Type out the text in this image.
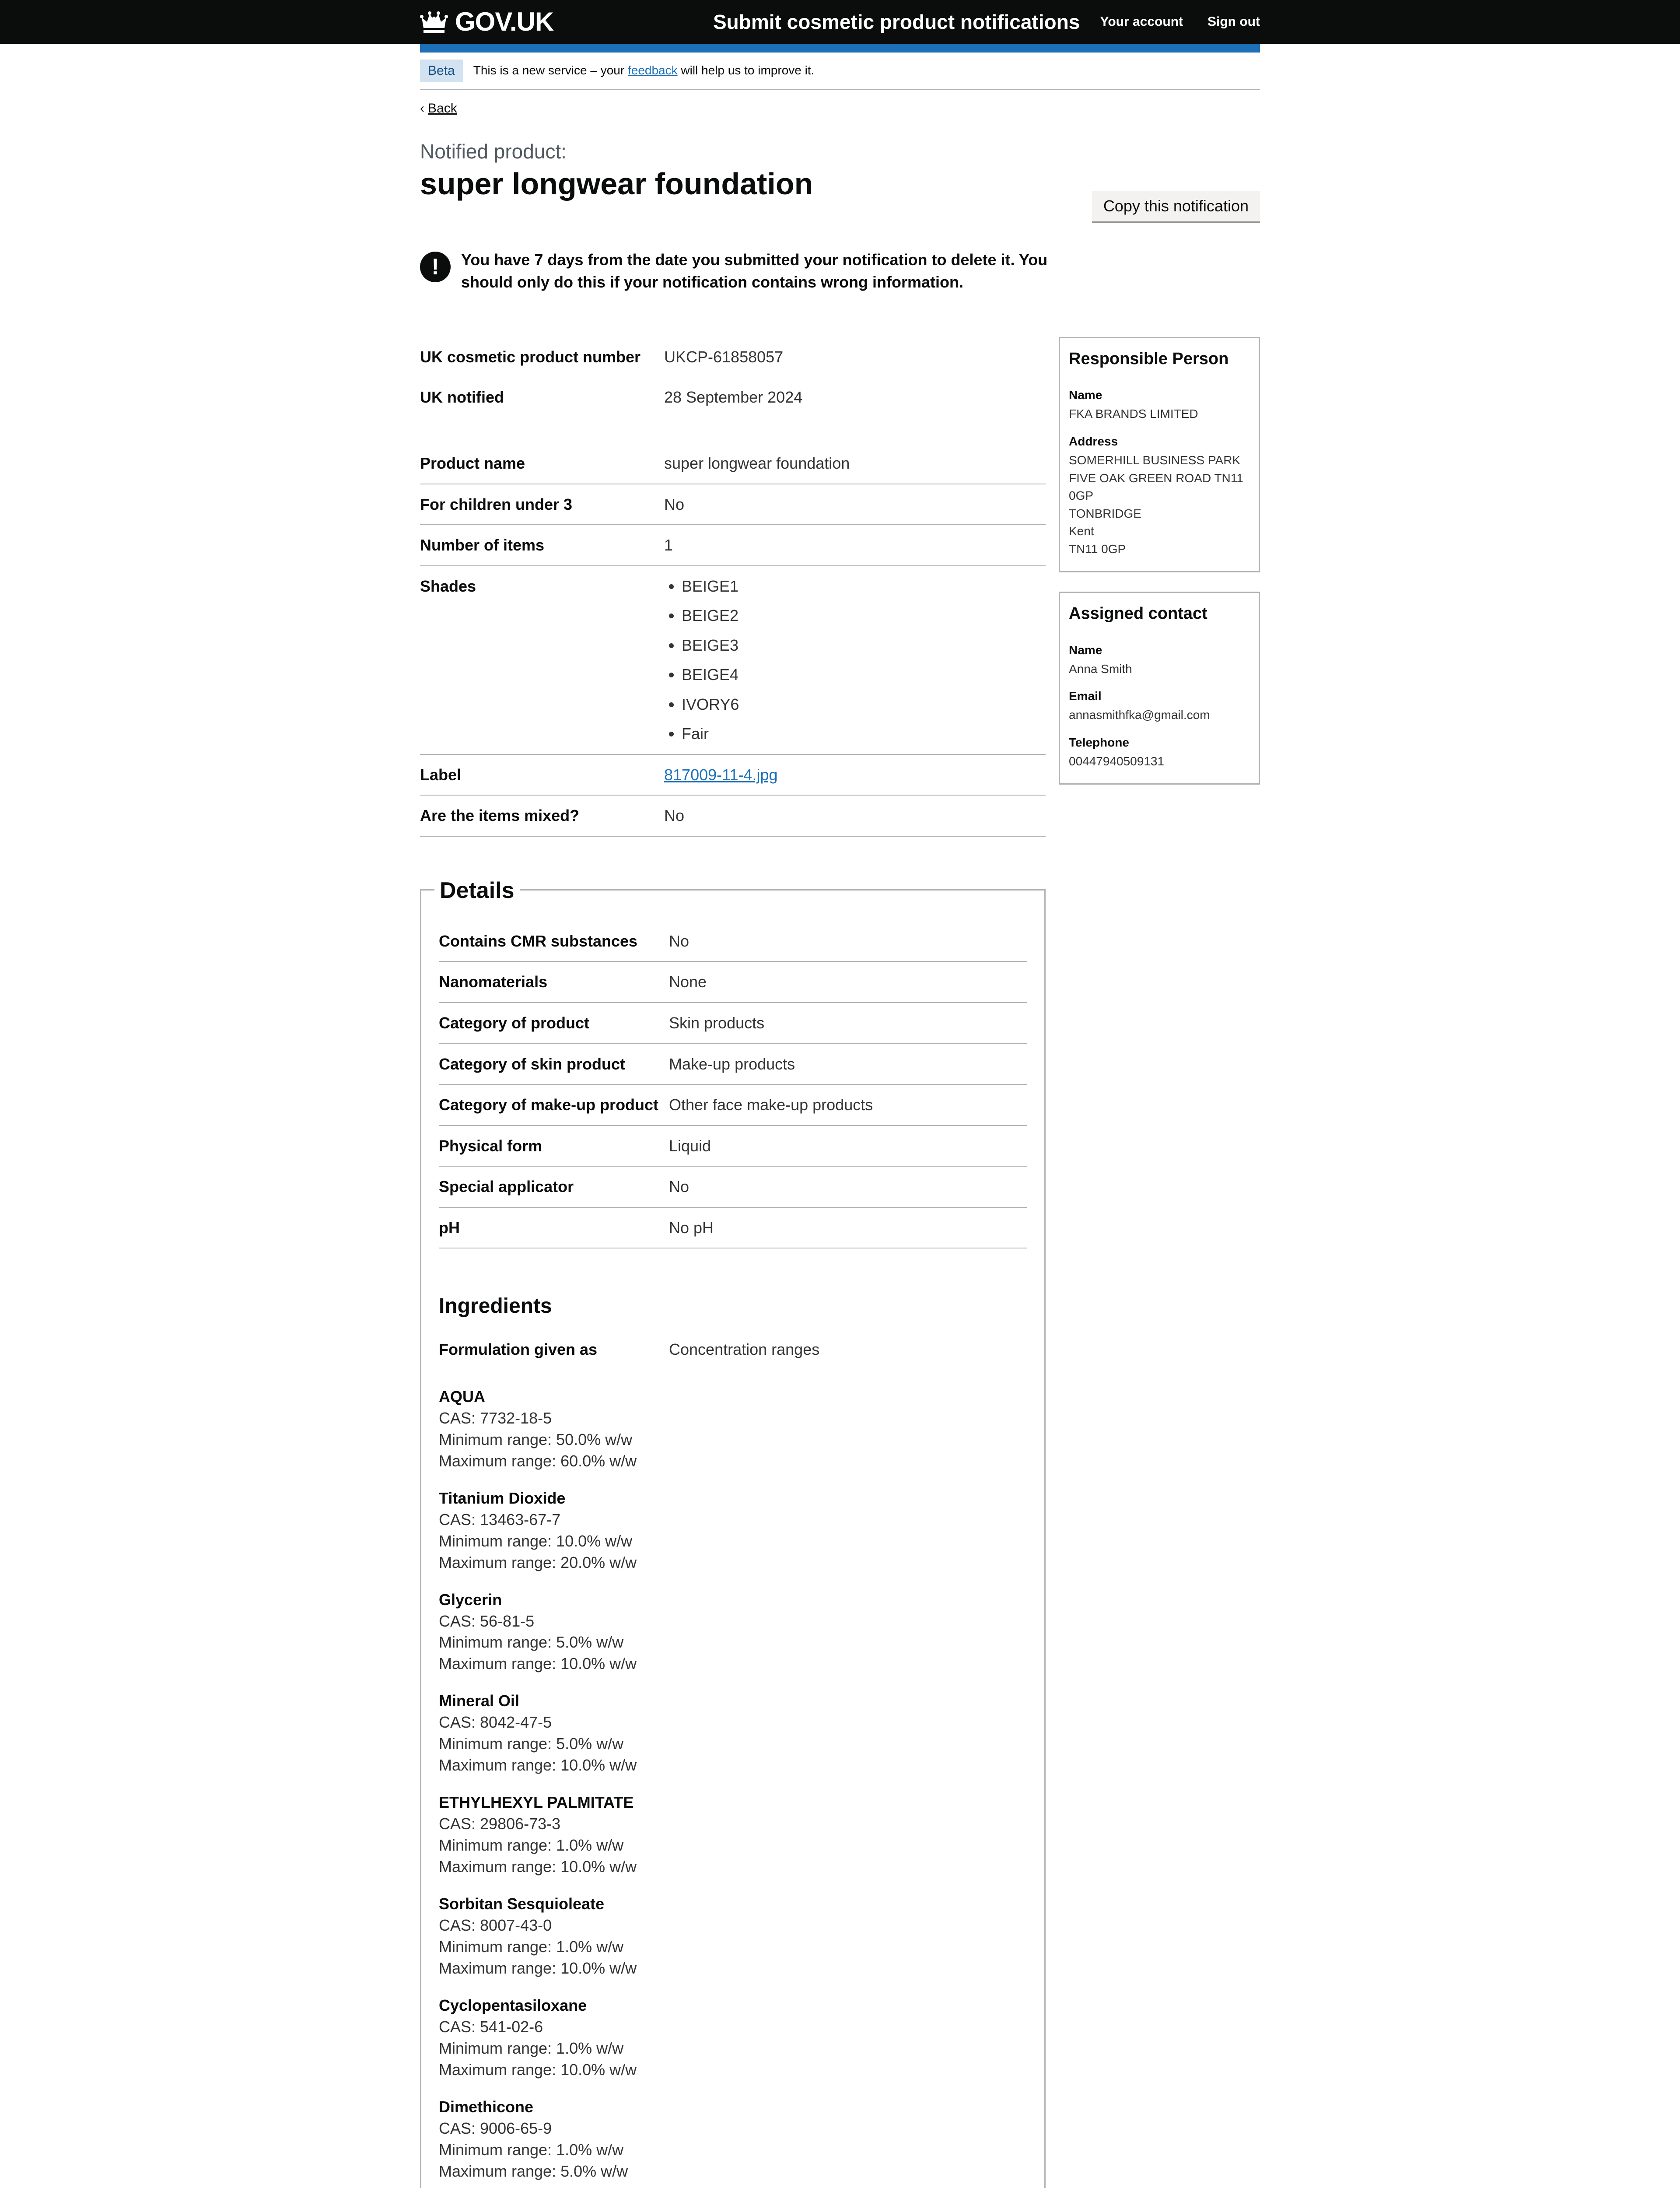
GOV.UK	Submit cosmetic product notifications Your account Sign out
Beta	This is a new service – your feedback will help us to improve it.
‹ Back
Notified product:
super longwear foundation
Copy this notification
!	You have 7 days from the date you submitted your notification to delete it. You should only do this if your notification contains wrong information.
UK cosmetic product number	UKCP-61858057
UK notified	28 September 2024
Product name	super longwear foundation
For children under 3	No
Number of items	1
Shades
•	BEIGE1
• BEIGE2
• BEIGE3
• BEIGE4
• IVORY6
• Fair
Label	817009-11-4.jpg
Are the items mixed?	No
Details
Contains CMR substances	No
Nanomaterials	None
Category of product	Skin products
Category of skin product	Make-up products
Category of make-up product Other face make-up products
Physical form	Liquid
Special applicator	No
pH	No pH
Ingredients
Formulation given as	Concentration ranges
AQUA
CAS: 7732-18-5
Minimum range: 50.0% w/w
Maximum range: 60.0% w/w
Titanium Dioxide
CAS: 13463-67-7
Minimum range: 10.0% w/w
Maximum range: 20.0% w/w
Glycerin
CAS: 56-81-5
Minimum range: 5.0% w/w
Maximum range: 10.0% w/w
Mineral Oil
CAS: 8042-47-5
Minimum range: 5.0% w/w
Maximum range: 10.0% w/w
ETHYLHEXYL PALMITATE
CAS: 29806-73-3
Minimum range: 1.0% w/w
Maximum range: 10.0% w/w
Sorbitan Sesquioleate
CAS: 8007-43-0
Minimum range: 1.0% w/w
Maximum range: 10.0% w/w
Cyclopentasiloxane
CAS: 541-02-6
Minimum range: 1.0% w/w
Maximum range: 10.0% w/w
Dimethicone
CAS: 9006-65-9
Minimum range: 1.0% w/w
Maximum range: 5.0% w/w
Responsible Person
Name
FKA BRANDS LIMITED
Address
SOMERHILL BUSINESS PARK
FIVE OAK GREEN ROAD TN11
0GP
TONBRIDGE
Kent
TN11 0GP
Assigned contact
Name
Anna Smith
Email
annasmithfka@gmail.com
Telephone
00447940509131
